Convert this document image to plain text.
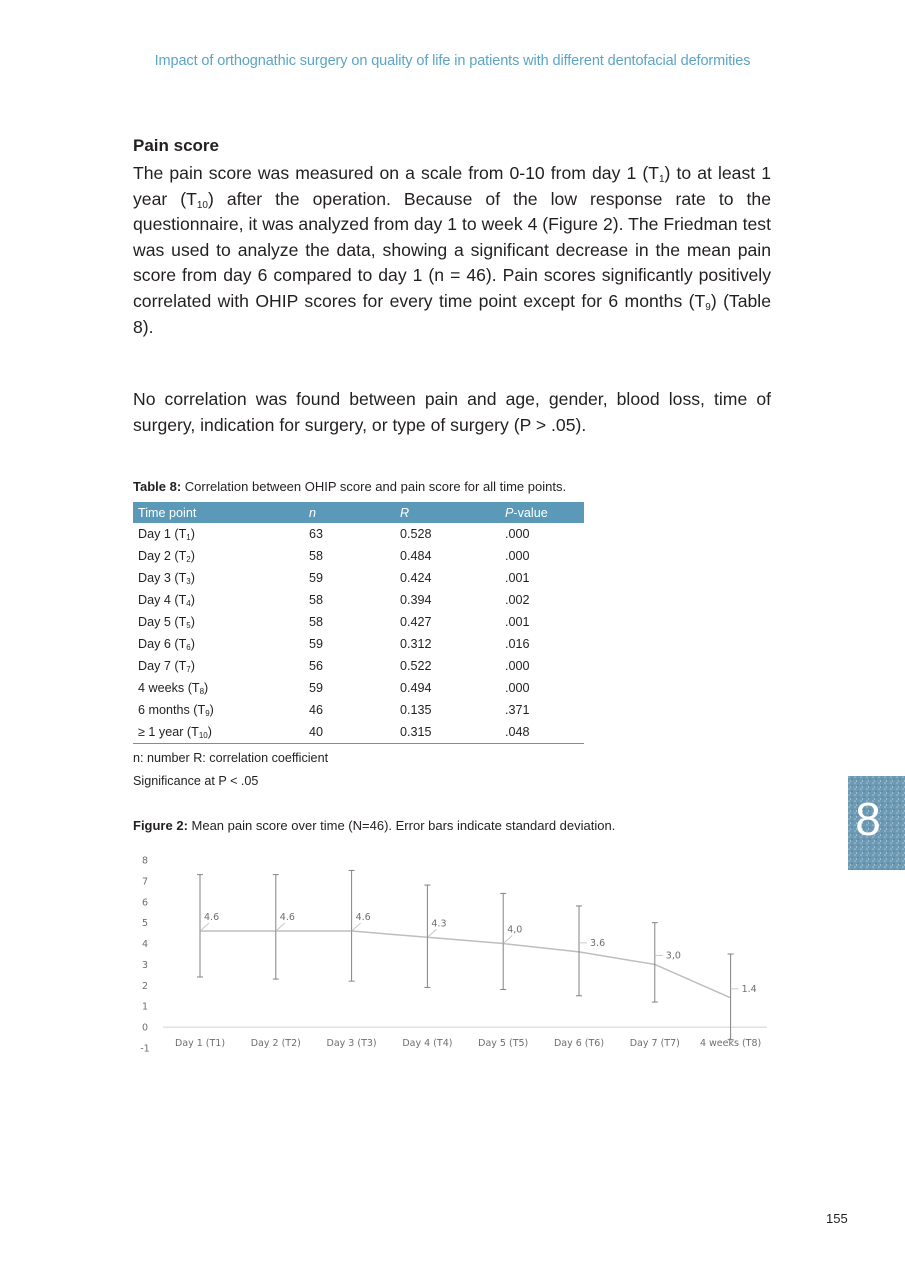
Impact of orthognathic surgery on quality of life in patients with different dentofacial deformities
Pain score

The pain score was measured on a scale from 0-10 from day 1 $(T_1)$ to at least 1 year $(T_{10})$ after the operation. Because of the low response rate to the questionnaire, it was analyzed from day 1 to week 4 (Figure 2). The Friedman test was used to analyze the data, showing a significant decrease in the mean pain score from day 6 compared to day 1 (n = 46). Pain scores significantly positively correlated with OHIP scores for every time point except for 6 months $(T_9)$ (Table 8).

No correlation was found between pain and age, gender, blood loss, time of surgery, indication for surgery, or type of surgery (P > .05).

Table 8: Correlation between OHIP score and pain score for all time points.
Time point	n	R	P-value
Day 1 $(T_1)$	63	0.528	.000
Day 2 $(T_2)$	58	0.484	.000
Day 3 $(T_3)$	59	0.424	.001
Day 4 $(T_4)$	58	0.394	.002
Day 5 $(T_5)$	58	0.427	.001
Day 6 $(T_6)$	59	0.312	.016
Day 7 $(T_7)$	56	0.522	.000
4 weeks $(T_8)$	59	0.494	.000
6 months $(T_9)$	46	0.135	.371
≥ 1 year $(T_{10})$	40	0.315	.048
n: number R: correlation coefficient
Significance at P < .05
Figure 2: Mean pain score over time (N=46). Error bars indicate standard deviation.
8
7
6
5
4
3
2
1
0
-1
4.6	4.6	4.6
4.3
4,0
3.6
3,0
1.4
Day 1 (T1)	Day 2 (T2)	Day 3 (T3)	Day 4 (T4)	Day 5 (T5)	Day 6 (T6)	Day 7 (T7) 4 weeks (T8)
8
155
